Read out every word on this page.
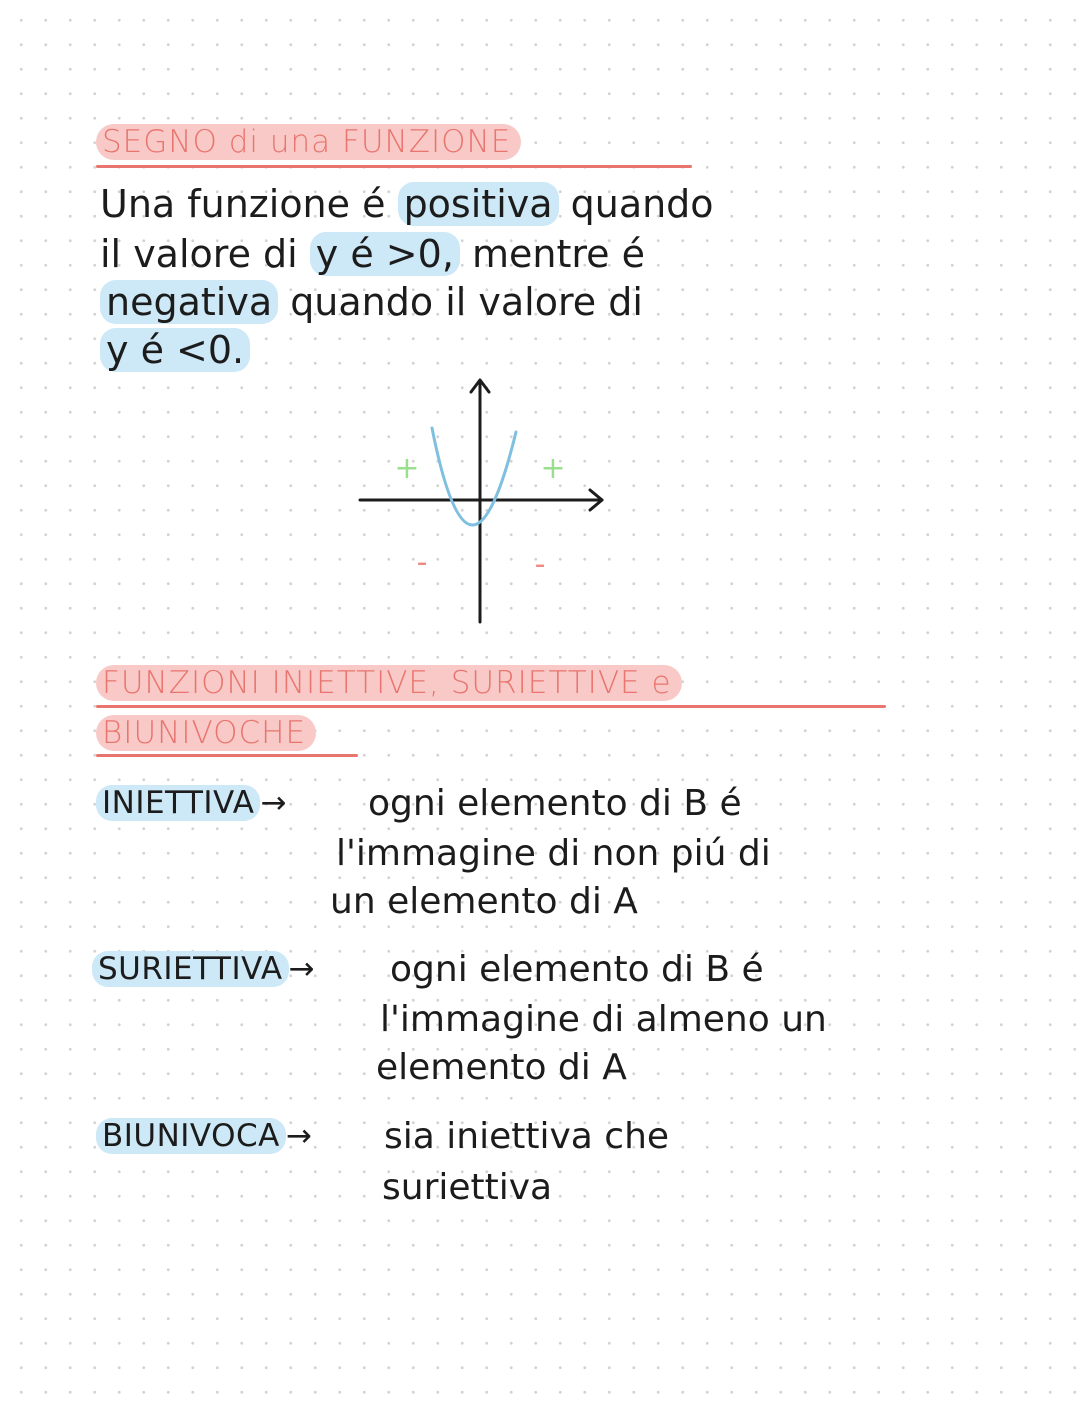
SEGNO di una FUNZIONE
Una funzione é positiva quando
il valore di y é >0, mentre é
negativa quando il valore di
y é <0.
+	+
-	-
FUNZIONI INIETTIVE, SURIETTIVE e
BIUNIVOCHE
INIETTIVA → ogni elemento di B é
l'immagine di non piú di
un elemento di A
SURIETTIVA → ogni elemento di B é
l'immagine di almeno un
elemento di A
BIUNIVOCA → sia iniettiva che
suriettiva
